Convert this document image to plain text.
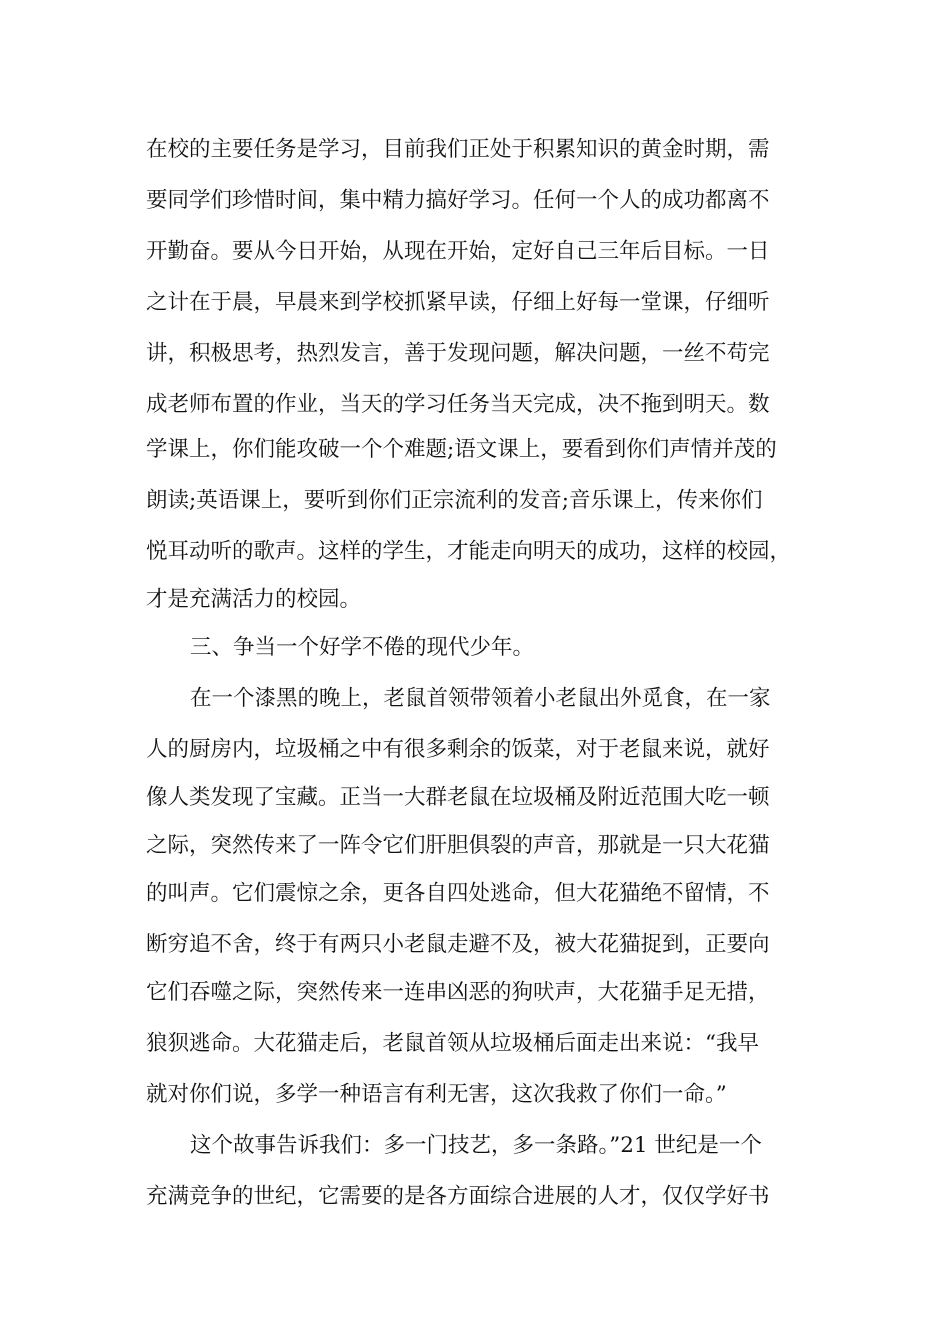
在校的主要任务是学习，目前我们正处于积累知识的黄金时期，需
要同学们珍惜时间，集中精力搞好学习。任何一个人的成功都离不
开勤奋。要从今日开始，从现在开始，定好自己三年后目标。一日
之计在于晨，早晨来到学校抓紧早读，仔细上好每一堂课，仔细听
讲，积极思考，热烈发言，善于发现问题，解决问题，一丝不苟完
成老师布置的作业，当天的学习任务当天完成，决不拖到明天。数
学课上，你们能攻破一个个难题;语文课上，要看到你们声情并茂的
朗读;英语课上，要听到你们正宗流利的发音;音乐课上，传来你们
悦耳动听的歌声。这样的学生，才能走向明天的成功，这样的校园，
才是充满活力的校园。
三、争当一个好学不倦的现代少年。
在一个漆黑的晚上，老鼠首领带领着小老鼠出外觅食，在一家
人的厨房内，垃圾桶之中有很多剩余的饭菜，对于老鼠来说，就好
像人类发现了宝藏。正当一大群老鼠在垃圾桶及附近范围大吃一顿
之际，突然传来了一阵令它们肝胆俱裂的声音，那就是一只大花猫
的叫声。它们震惊之余，更各自四处逃命，但大花猫绝不留情，不
断穷追不舍，终于有两只小老鼠走避不及，被大花猫捉到，正要向
它们吞噬之际，突然传来一连串凶恶的狗吠声，大花猫手足无措，
狼狈逃命。大花猫走后，老鼠首领从垃圾桶后面走出来说：“我早
就对你们说，多学一种语言有利无害，这次我救了你们一命。”
这个故事告诉我们：多一门技艺，多一条路。”21 世纪是一个
充满竞争的世纪，它需要的是各方面综合进展的人才，仅仅学好书
